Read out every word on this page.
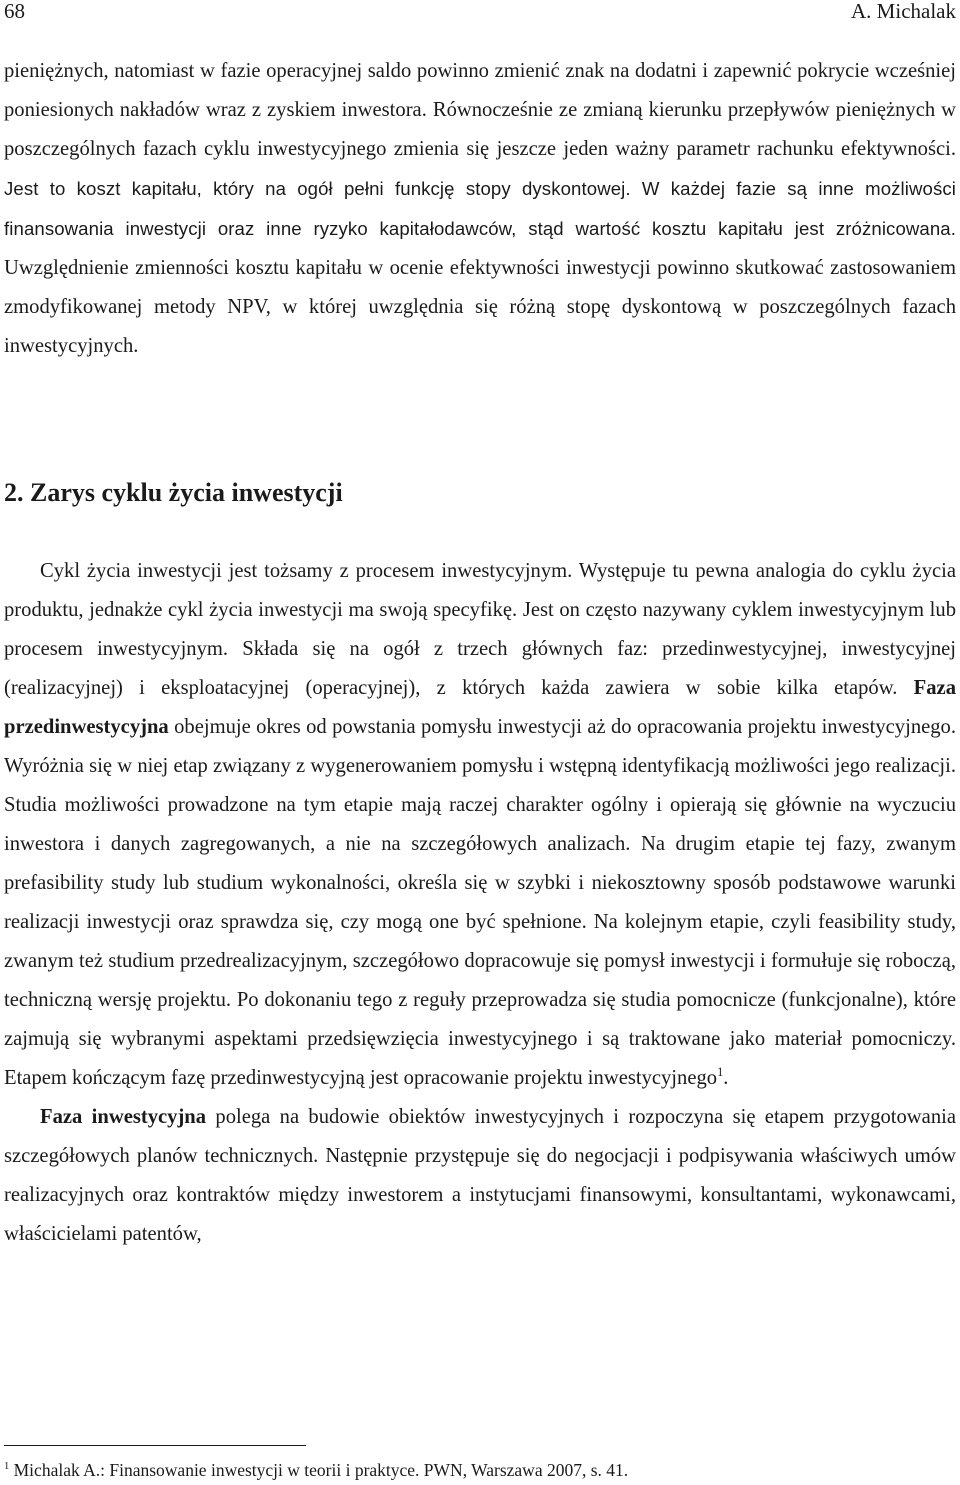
68	A. Michalak

pieniężnych, natomiast w fazie operacyjnej saldo powinno zmienić znak na dodatni i zapewnić pokrycie wcześniej poniesionych nakładów wraz z zyskiem inwestora. Równocześnie ze zmianą kierunku przepływów pieniężnych w poszczególnych fazach cyklu inwestycyjnego zmienia się jeszcze jeden ważny parametr rachunku efektywności. Jest to koszt kapitału, który na ogół pełni funkcję stopy dyskontowej. W każdej fazie są inne możliwości finansowania inwestycji oraz inne ryzyko kapitałodawców, stąd wartość kosztu kapitału jest zróżnicowana. Uwzględnienie zmienności kosztu kapitału w ocenie efektywności inwestycji powinno skutkować zastosowaniem zmodyfikowanej metody NPV, w której uwzględnia się różną stopę dyskontową w poszczególnych fazach inwestycyjnych.

2. Zarys cyklu życia inwestycji

Cykl życia inwestycji jest tożsamy z procesem inwestycyjnym. Występuje tu pewna analogia do cyklu życia produktu, jednakże cykl życia inwestycji ma swoją specyfikę. Jest on często nazywany cyklem inwestycyjnym lub procesem inwestycyjnym. Składa się na ogół z trzech głównych faz: przedinwestycyjnej, inwestycyjnej (realizacyjnej) i eksploatacyjnej (operacyjnej), z których każda zawiera w sobie kilka etapów. Faza przedinwestycyjna obejmuje okres od powstania pomysłu inwestycji aż do opracowania projektu inwestycyjnego. Wyróżnia się w niej etap związany z wygenerowaniem pomysłu i wstępną identyfikacją możliwości jego realizacji. Studia możliwości prowadzone na tym etapie mają raczej charakter ogólny i opierają się głównie na wyczuciu inwestora i danych zagregowanych, a nie na szczegółowych analizach. Na drugim etapie tej fazy, zwanym prefasibility study lub studium wykonalności, określa się w szybki i niekosztowny sposób podstawowe warunki realizacji inwestycji oraz sprawdza się, czy mogą one być spełnione. Na kolejnym etapie, czyli feasibility study, zwanym też studium przedrealizacyjnym, szczegółowo dopracowuje się pomysł inwestycji i formułuje się roboczą, techniczną wersję projektu. Po dokonaniu tego z reguły przeprowadza się studia pomocnicze (funkcjonalne), które zajmują się wybranymi aspektami przedsięwzięcia inwestycyjnego i są traktowane jako materiał pomocniczy. Etapem kończącym fazę przedinwestycyjną jest opracowanie projektu inwestycyjnego$^1$.

Faza inwestycyjna polega na budowie obiektów inwestycyjnych i rozpoczyna się etapem przygotowania szczegółowych planów technicznych. Następnie przystępuje się do negocjacji i podpisywania właściwych umów realizacyjnych oraz kontraktów między inwestorem a instytucjami finansowymi, konsultantami, wykonawcami, właścicielami patentów,

$^1$ Michalak A.: Finansowanie inwestycji w teorii i praktyce. PWN, Warszawa 2007, s. 41.
